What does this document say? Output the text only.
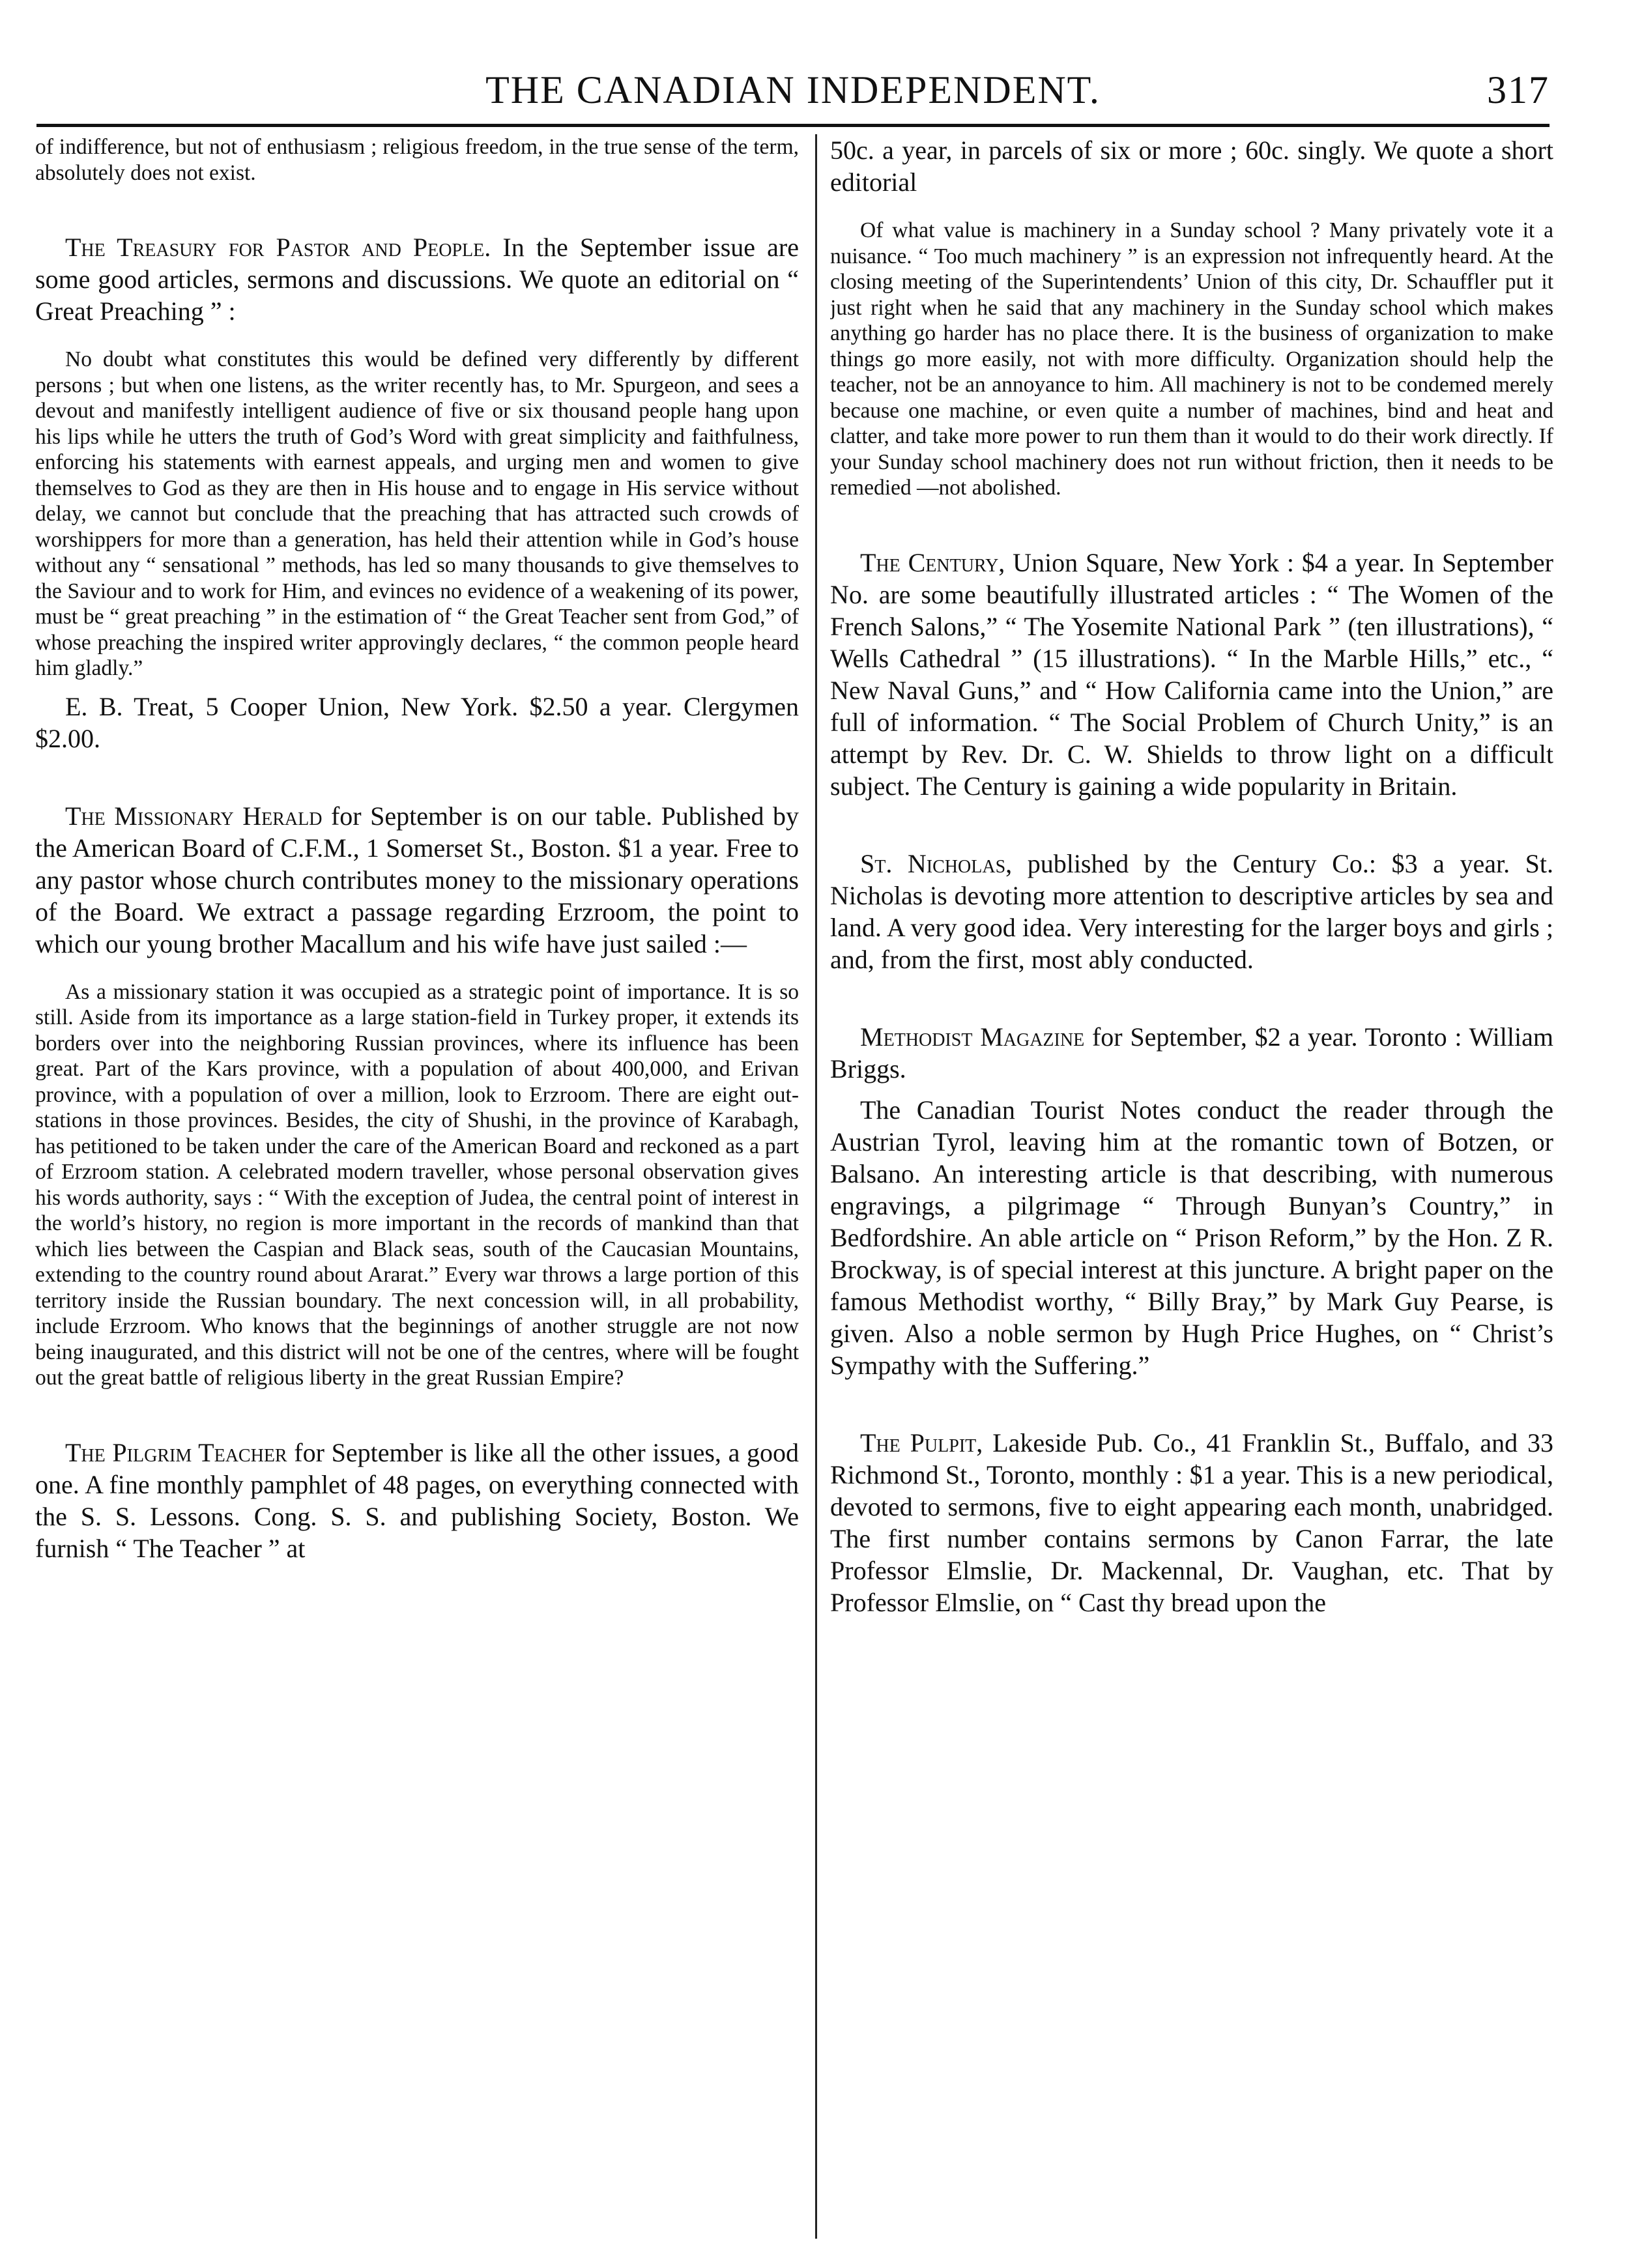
THE CANADIAN INDEPENDENT.	317

of indifference, but not of enthusiasm ; religious freedom, in the true sense of the term, absolutely does not exist.

The Treasury for Pastor and People. In the September issue are some good articles, sermons and discussions. We quote an editorial on “ Great Preaching ” :

No doubt what constitutes this would be defined very differently by different persons ; but when one listens, as the writer recently has, to Mr. Spurgeon, and sees a devout and manifestly intelligent audience of five or six thousand people hang upon his lips while he utters the truth of God’s Word with great simplicity and faithfulness, enforcing his statements with earnest appeals, and urging men and women to give themselves to God as they are then in His house and to engage in His service without delay, we cannot but conclude that the preaching that has attracted such crowds of worshippers for more than a generation, has held their attention while in God’s house without any “ sensational ” methods, has led so many thousands to give themselves to the Saviour and to work for Him, and evinces no evidence of a weakening of its power, must be “ great preaching ” in the estimation of “ the Great Teacher sent from God,” of whose preaching the inspired writer approvingly declares, “ the common people heard him gladly.”

E. B. Treat, 5 Cooper Union, New York. $2.50 a year. Clergymen $2.00.

The Missionary Herald for September is on our table. Published by the American Board of C.F.M., 1 Somerset St., Boston. $1 a year. Free to any pastor whose church contributes money to the missionary operations of the Board. We extract a passage regarding Erzroom, the point to which our young brother Macallum and his wife have just sailed :—

As a missionary station it was occupied as a strategic point of importance. It is so still. Aside from its importance as a large station-field in Turkey proper, it extends its borders over into the neighboring Russian provinces, where its influence has been great. Part of the Kars province, with a population of about 400,000, and Erivan province, with a population of over a million, look to Erzroom. There are eight out-stations in those provinces. Besides, the city of Shushi, in the province of Karabagh, has petitioned to be taken under the care of the American Board and reckoned as a part of Erzroom station. A celebrated modern traveller, whose personal observation gives his words authority, says : “ With the exception of Judea, the central point of interest in the world’s history, no region is more important in the records of mankind than that which lies between the Caspian and Black seas, south of the Caucasian Mountains, extending to the country round about Ararat.” Every war throws a large portion of this territory inside the Russian boundary. The next concession will, in all probability, include Erzroom. Who knows that the beginnings of another struggle are not now being inaugurated, and this district will not be one of the centres, where will be fought out the great battle of religious liberty in the great Russian Empire?

The Pilgrim Teacher for September is like all the other issues, a good one. A fine monthly pamphlet of 48 pages, on everything connected with the S. S. Lessons. Cong. S. S. and publishing Society, Boston. We furnish “ The Teacher ” at

50c. a year, in parcels of six or more ; 60c. singly. We quote a short editorial

Of what value is machinery in a Sunday school ? Many privately vote it a nuisance. “ Too much machinery ” is an expression not infrequently heard. At the closing meeting of the Superintendents’ Union of this city, Dr. Schauffler put it just right when he said that any machinery in the Sunday school which makes anything go harder has no place there. It is the business of organization to make things go more easily, not with more difficulty. Organization should help the teacher, not be an annoyance to him. All machinery is not to be condemed merely because one machine, or even quite a number of machines, bind and heat and clatter, and take more power to run them than it would to do their work directly. If your Sunday school machinery does not run without friction, then it needs to be remedied —not abolished.

The Century, Union Square, New York : $4 a year. In September No. are some beautifully illustrated articles : “ The Women of the French Salons,” “ The Yosemite National Park ” (ten illustrations), “ Wells Cathedral ” (15 illustrations). “ In the Marble Hills,” etc., “ New Naval Guns,” and “ How California came into the Union,” are full of information. “ The Social Problem of Church Unity,” is an attempt by Rev. Dr. C. W. Shields to throw light on a difficult subject. The Century is gaining a wide popularity in Britain.

St. Nicholas, published by the Century Co.: $3 a year. St. Nicholas is devoting more attention to descriptive articles by sea and land. A very good idea. Very interesting for the larger boys and girls ; and, from the first, most ably conducted.

Methodist Magazine for September, $2 a year. Toronto : William Briggs.

The Canadian Tourist Notes conduct the reader through the Austrian Tyrol, leaving him at the romantic town of Botzen, or Balsano. An interesting article is that describing, with numerous engravings, a pilgrimage “ Through Bunyan’s Country,” in Bedfordshire. An able article on “ Prison Reform,” by the Hon. Z R. Brockway, is of special interest at this juncture. A bright paper on the famous Methodist worthy, “ Billy Bray,” by Mark Guy Pearse, is given. Also a noble sermon by Hugh Price Hughes, on “ Christ’s Sympathy with the Suffering.”

The Pulpit, Lakeside Pub. Co., 41 Franklin St., Buffalo, and 33 Richmond St., Toronto, monthly : $1 a year. This is a new periodical, devoted to sermons, five to eight appearing each month, unabridged. The first number contains sermons by Canon Farrar, the late Professor Elmslie, Dr. Mackennal, Dr. Vaughan, etc. That by Professor Elmslie, on “ Cast thy bread upon the
